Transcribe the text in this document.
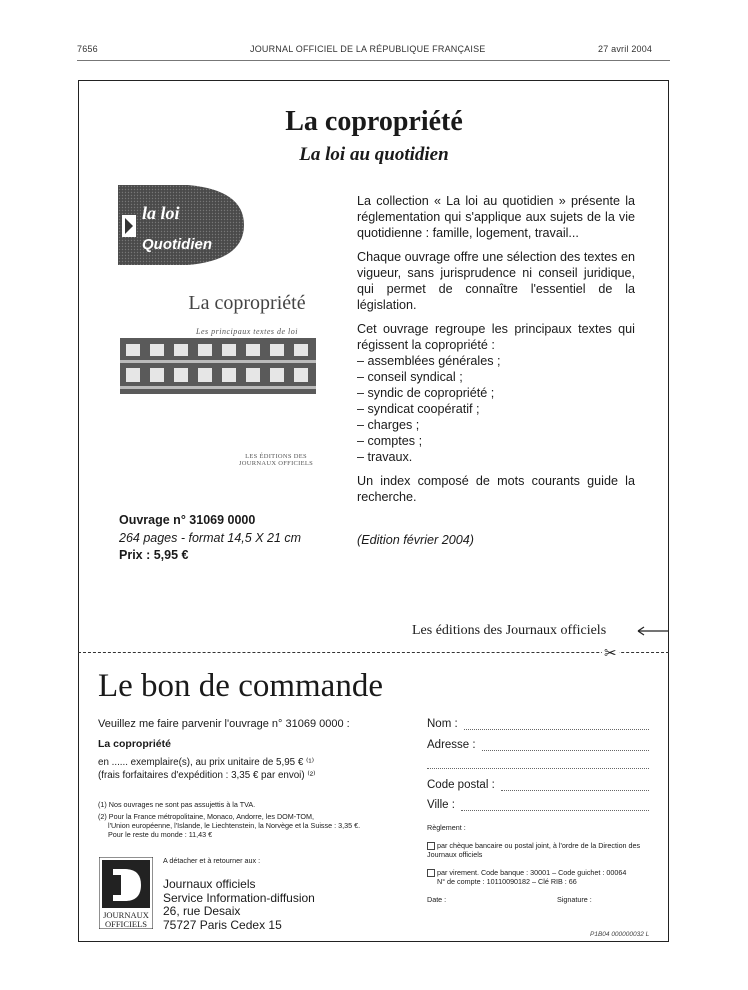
7656	JOURNAL OFFICIEL DE LA RÉPUBLIQUE FRANÇAISE	27 avril 2004
La copropriété
La loi au quotidien
la loi
Quotidien
La copropriété
Les principaux textes de loi
LES ÉDITIONS DES JOURNAUX OFFICIELS

La collection « La loi au quotidien » présente la réglementation qui s'applique aux sujets de la vie quotidienne : famille, logement, travail...

Chaque ouvrage offre une sélection des textes en vigueur, sans jurisprudence ni conseil juridique, qui permet de connaître l'essentiel de la législation.

Cet ouvrage regroupe les principaux textes qui régissent la copropriété :

– assemblées générales ;
– conseil syndical ;
– syndic de copropriété ;
– syndicat coopératif ;
– charges ;
– comptes ;
– travaux.

Un index composé de mots courants guide la recherche.

Ouvrage n° 31069 0000
264 pages - format 14,5 X 21 cm
Prix : 5,95 €
(Edition février 2004)
Les éditions des Journaux officiels
✂
Le bon de commande
Veuillez me faire parvenir l'ouvrage n° 31069 0000 :
La copropriété
en ...... exemplaire(s), au prix unitaire de 5,95 € ⁽¹⁾
(frais forfaitaires d'expédition : 3,35 € par envoi) ⁽²⁾
(1) Nos ouvrages ne sont pas assujettis à la TVA.
(2) Pour la France métropolitaine, Monaco, Andorre, les DOM-TOM,
l'Union européenne, l'Islande, le Liechtenstein, la Norvège et la Suisse : 3,35 €.
Pour le reste du monde : 11,43 €
A détacher et à retourner aux :
Journaux officiels
Service Information-diffusion
26, rue Desaix
75727 Paris Cedex 15
JOURNAUX
OFFICIELS
Nom :
Adresse :
Code postal :
Ville :
Règlement :
par chèque bancaire ou postal joint, à l'ordre de la Direction des Journaux officiels
par virement. Code banque : 30001 – Code guichet : 00064
N° de compte : 10110090182 – Clé RIB : 66
Date :	Signature :
P1B04 000000032 L
